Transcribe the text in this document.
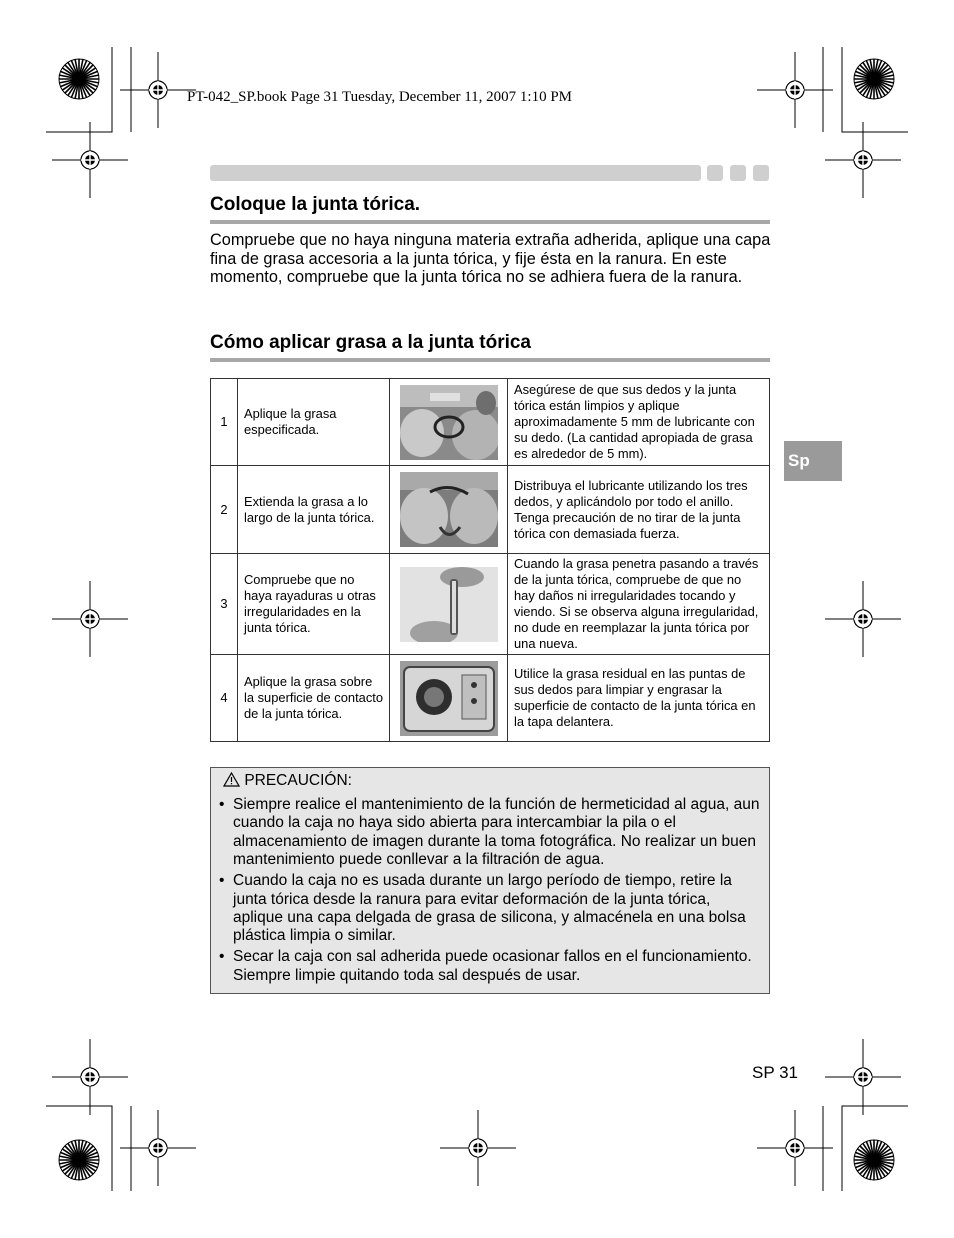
PT-042_SP.book Page 31 Tuesday, December 11, 2007 1:10 PM
Coloque la junta tórica.
Compruebe que no haya ninguna materia extraña adherida, aplique una capa fina de grasa accesoria a la junta tórica, y fije ésta en la ranura. En este momento, compruebe que la junta tórica no se adhiera fuera de la ranura.
Cómo aplicar grasa a la junta tórica
Sp
1	Aplique la grasa especificada.		Asegúrese de que sus dedos y la junta tórica están limpios y aplique aproximadamente 5 mm de lubricante con su dedo. (La cantidad apropiada de grasa es alrededor de 5 mm).
2	Extienda la grasa a lo largo de la junta tórica.		Distribuya el lubricante utilizando los tres dedos, y aplicándolo por todo el anillo. Tenga precaución de no tirar de la junta tórica con demasiada fuerza.
3	Compruebe que no haya rayaduras u otras irregularidades en la junta tórica.		Cuando la grasa penetra pasando a través de la junta tórica, compruebe de que no hay daños ni irregularidades tocando y viendo. Si se observa alguna irregularidad, no dude en reemplazar la junta tórica por una nueva.
4	Aplique la grasa sobre la superficie de contacto de la junta tórica.		Utilice la grasa residual en las puntas de sus dedos para limpiar y engrasar la superficie de contacto de la junta tórica en la tapa delantera.
PRECAUCIÓN:
• Siempre realice el mantenimiento de la función de hermeticidad al agua, aun cuando la caja no haya sido abierta para intercambiar la pila o el almacenamiento de imagen durante la toma fotográfica. No realizar un buen mantenimiento puede conllevar a la filtración de agua.
• Cuando la caja no es usada durante un largo período de tiempo, retire la junta tórica desde la ranura para evitar deformación de la junta tórica, aplique una capa delgada de grasa de silicona, y almacénela en una bolsa plástica limpia o similar.
• Secar la caja con sal adherida puede ocasionar fallos en el funcionamiento. Siempre limpie quitando toda sal después de usar.
SP 31
